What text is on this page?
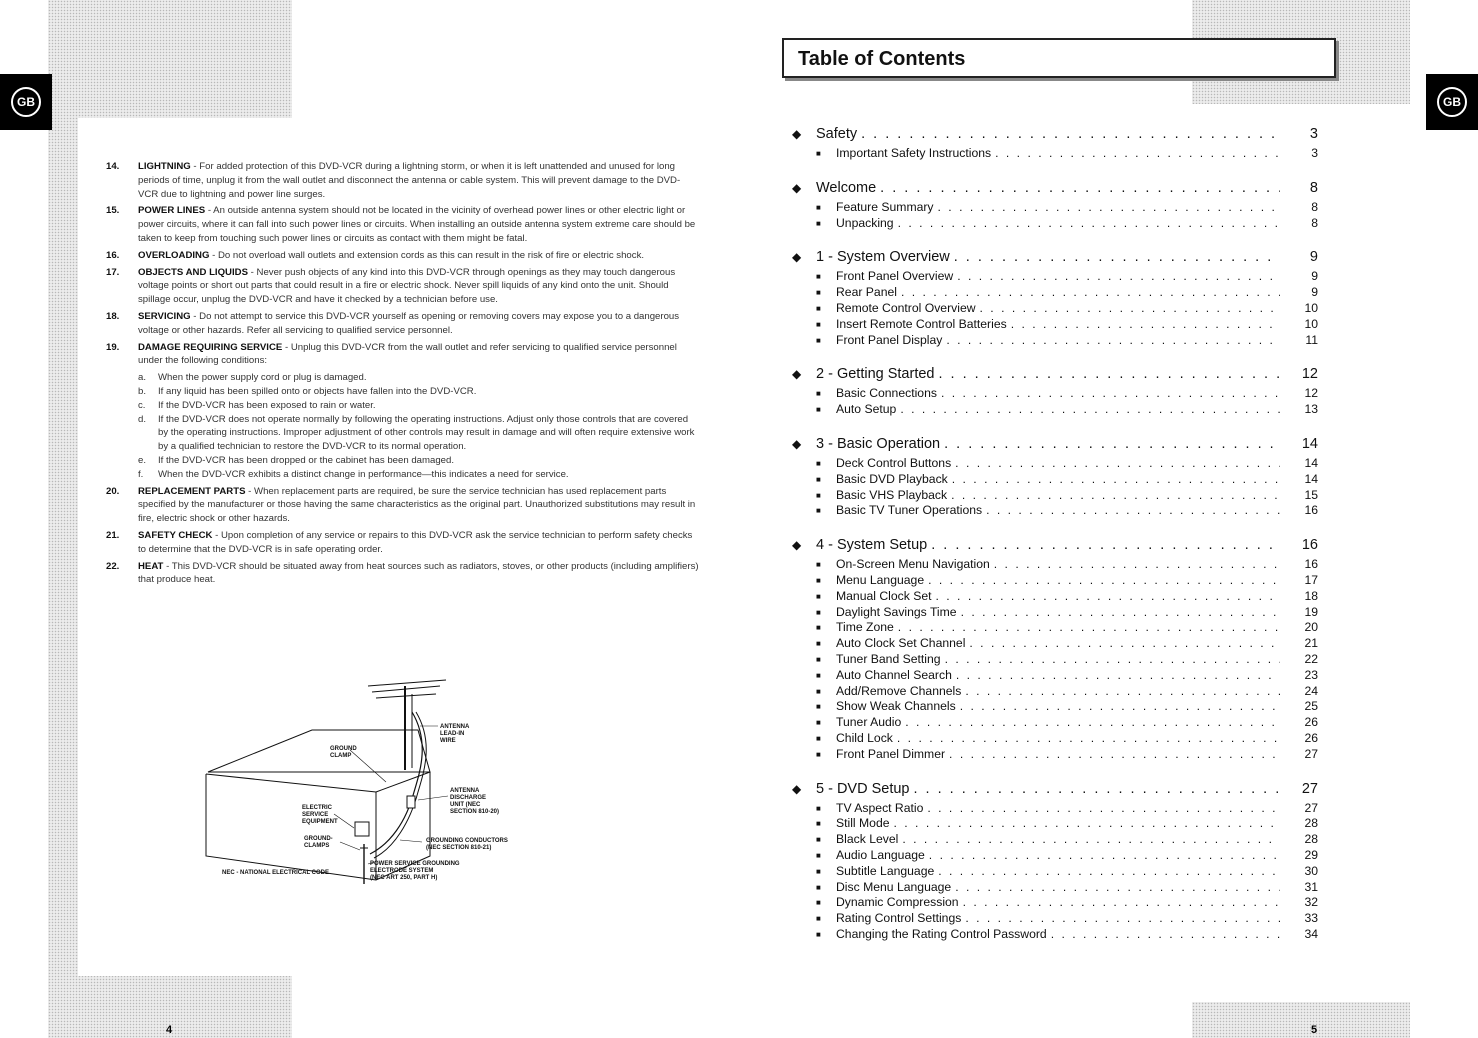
GB	GB
14.	LIGHTNING - For added protection of this DVD-VCR during a lightning storm, or when it is left unattended and unused for long periods of time, unplug it from the wall outlet and disconnect the antenna or cable system. This will prevent damage to the DVD-VCR due to lightning and power line surges.
15.	POWER LINES - An outside antenna system should not be located in the vicinity of overhead power lines or other electric light or power circuits, where it can fall into such power lines or circuits. When installing an outside antenna system extreme care should be taken to keep from touching such power lines or circuits as contact with them might be fatal.
16.	OVERLOADING - Do not overload wall outlets and extension cords as this can result in the risk of fire or electric shock.
17.	OBJECTS AND LIQUIDS - Never push objects of any kind into this DVD-VCR through openings as they may touch dangerous voltage points or short out parts that could result in a fire or electric shock. Never spill liquids of any kind onto the unit. Should spillage occur, unplug the DVD-VCR and have it checked by a technician before use.
18.	SERVICING - Do not attempt to service this DVD-VCR yourself as opening or removing covers may expose you to a dangerous voltage or other hazards. Refer all servicing to qualified service personnel.
19.	DAMAGE REQUIRING SERVICE - Unplug this DVD-VCR from the wall outlet and refer servicing to qualified service personnel under the following conditions:
a.	When the power supply cord or plug is damaged.
b.	If any liquid has been spilled onto or objects have fallen into the DVD-VCR.
c.	If the DVD-VCR has been exposed to rain or water.
d.	If the DVD-VCR does not operate normally by following the operating instructions. Adjust only those controls that are covered by the operating instructions. Improper adjustment of other controls may result in damage and will often require extensive work by a qualified technician to restore the DVD-VCR to its normal operation.
e.	If the DVD-VCR has been dropped or the cabinet has been damaged.
f.	When the DVD-VCR exhibits a distinct change in performance—this indicates a need for service.
20.	REPLACEMENT PARTS - When replacement parts are required, be sure the service technician has used replacement parts specified by the manufacturer or those having the same characteristics as the original part. Unauthorized substitutions may result in fire, electric shock or other hazards.
21.	SAFETY CHECK - Upon completion of any service or repairs to this DVD-VCR ask the service technician to perform safety checks to determine that the DVD-VCR is in safe operating order.
22.	HEAT - This DVD-VCR should be situated away from heat sources such as radiators, stoves, or other products (including amplifiers) that produce heat.
ANTENNA
LEAD-IN
WIRE
GROUND
CLAMP
ANTENNA
DISCHARGE
UNIT (NEC
SECTION 810-20)
ELECTRIC
SERVICE
EQUIPMENT
GROUND-
CLAMPS
GROUNDING CONDUCTORS
(NEC SECTION 810-21)
POWER SERVICE GROUNDING
ELECTRODE SYSTEM
(NEC ART 250, PART H)
NEC - NATIONAL ELECTRICAL CODE
4
Table of Contents
◆	Safety . . .	3
■	Important Safety Instructions . . .	3
◆	Welcome . . .	8
■	Feature Summary . . .	8
■	Unpacking . . .	8
◆	1 - System Overview . . .	9
■	Front Panel Overview . . .	9
■	Rear Panel . . .	9
■	Remote Control Overview . . .	10
■	Insert Remote Control Batteries . . .	10
■	Front Panel Display . . .	11
◆	2 - Getting Started . . .	12
■	Basic Connections . . .	12
■	Auto Setup . . .	13
◆	3 - Basic Operation . . .	14
■	Deck Control Buttons . . .	14
■	Basic DVD Playback . . .	14
■	Basic VHS Playback . . .	15
■	Basic TV Tuner Operations . . .	16
◆	4 - System Setup . . .	16
■	On-Screen Menu Navigation . . .	16
■	Menu Language . . .	17
■	Manual Clock Set . . .	18
■	Daylight Savings Time . . .	19
■	Time Zone . . .	20
■	Auto Clock Set Channel . . .	21
■	Tuner Band Setting . . .	22
■	Auto Channel Search . . .	23
■	Add/Remove Channels . . .	24
■	Show Weak Channels . . .	25
■	Tuner Audio . . .	26
■	Child Lock . . .	26
■	Front Panel Dimmer . . .	27
◆	5 - DVD Setup . . .	27
■	TV Aspect Ratio . . .	27
■	Still Mode . . .	28
■	Black Level . . .	28
■	Audio Language . . .	29
■	Subtitle Language . . .	30
■	Disc Menu Language . . .	31
■	Dynamic Compression . . .	32
■	Rating Control Settings . . .	33
■	Changing the Rating Control Password . . .	34
5
